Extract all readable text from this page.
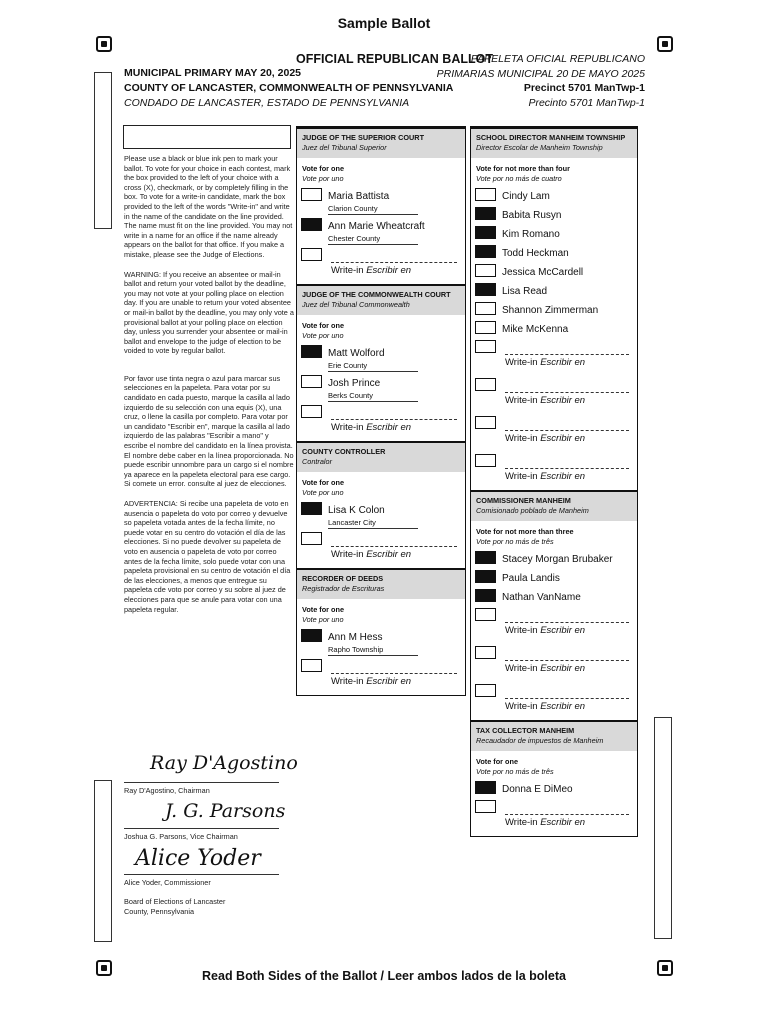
Sample Ballot
OFFICIAL REPUBLICAN BALLOT
MUNICIPAL PRIMARY MAY 20, 2025
COUNTY OF LANCASTER, COMMONWEALTH OF PENNSYLVANIA
CONDADO DE LANCASTER, ESTADO DE PENNSYLVANIA
PAPELETA OFICIAL REPUBLICANO
PRIMARIAS MUNICIPAL 20 DE MAYO 2025
Precinct 5701 ManTwp-1
Precinto 5701 ManTwp-1

Please use a black or blue ink pen to mark your ballot. To vote for your choice in each contest, mark the box provided to the left of your choice with a cross (X), checkmark, or by completely filling in the box. To vote for a write-in candidate, mark the box provided to the left of the words "Write-in" and write in the name of the candidate on the line provided. The name must fit on the line provided. You may not write in a name for an office if the name already appears on the ballot for that office. If you make a mistake, please see the Judge of Elections.

WARNING: If you receive an absentee or mail-in ballot and return your voted ballot by the deadline, you may not vote at your polling place on election day. If you are unable to return your voted absentee or mail-in ballot by the deadline, you may only vote a provisional ballot at your polling place on election day, unless you surrender your absentee or mail-in ballot and envelope to the judge of election to be voided to vote by regular ballot.

Por favor use tinta negra o azul para marcar sus selecciones en la papeleta. Para votar por su candidato en cada puesto, marque la casilla al lado izquierdo de su selección con una equis (X), una cruz, o llene la casilla por completo. Para votar por un candidato "Escribir en", marque la casilla al lado izquierdo de las palabras "Escribir a mano" y escribe el nombre del candidato en la línea provista. El nombre debe caber en la línea proporcionada. No puede escribir unnombre para un cargo si el nombre ya aparece en la papeleta electoral para ese cargo. Si comete un error. consulte al juez de elecciones.

ADVERTENCIA: Si recibe una papeleta de voto en ausencia o papeleta do voto por correo y devuelve so papeleta votada antes de la fecha límite, no puede votar en su centro do votación el día de las elecciones. Si no puede devolver su papeleta de voto en ausencia o papeleta de voto por correo antes de la fecha límite, solo puede votar con una papeleta provisional en su centro de votación el día de las elecciones, a menos que entregue su papeleta cde voto por correo y su sobre al juez de elecciones para que se anule para votar con una papeleta regular.

Ray D'Agostino
Ray D'Agostino, Chairman
J. G. Parsons
Joshua G. Parsons, Vice Chairman
Alice Yoder
Alice Yoder, Commissioner
Board of Elections of Lancaster County, Pennsylvania
JUDGE OF THE SUPERIOR COURT
Juez del Tribunal Superior
Vote for one
Vote por uno
Maria Battista
Clarion County
Ann Marie Wheatcraft
Chester County
Write-in Escribir en
JUDGE OF THE COMMONWEALTH COURT
Juez del Tribunal Commonwealth
Vote for one
Vote por uno
Matt Wolford
Erie County
Josh Prince
Berks County
Write-in Escribir en
COUNTY CONTROLLER
Contralor
Vote for one
Vote por uno
Lisa K Colon
Lancaster City
Write-in Escribir en
RECORDER OF DEEDS
Registrador de Escrituras
Vote for one
Vote por uno
Ann M Hess
Rapho Township
Write-in Escribir en
SCHOOL DIRECTOR MANHEIM TOWNSHIP
Director Escolar de Manheim Township
Vote for not more than four
Vote por no más de cuatro
Cindy Lam
Babita Rusyn
Kim Romano
Todd Heckman
Jessica McCardell
Lisa Read
Shannon Zimmerman
Mike McKenna
Write-in Escribir en
Write-in Escribir en
Write-in Escribir en
Write-in Escribir en
COMMISSIONER MANHEIM
Comisionado poblado de Manheim
Vote for not more than three
Vote por no más de três
Stacey Morgan Brubaker
Paula Landis
Nathan VanName
Write-in Escribir en
Write-in Escribir en
Write-in Escribir en
TAX COLLECTOR MANHEIM
Recaudador de impuestos de Manheim
Vote for one
Vote por no más de três
Donna E DiMeo
Write-in Escribir en
Read Both Sides of the Ballot / Leer ambos lados de la boleta
